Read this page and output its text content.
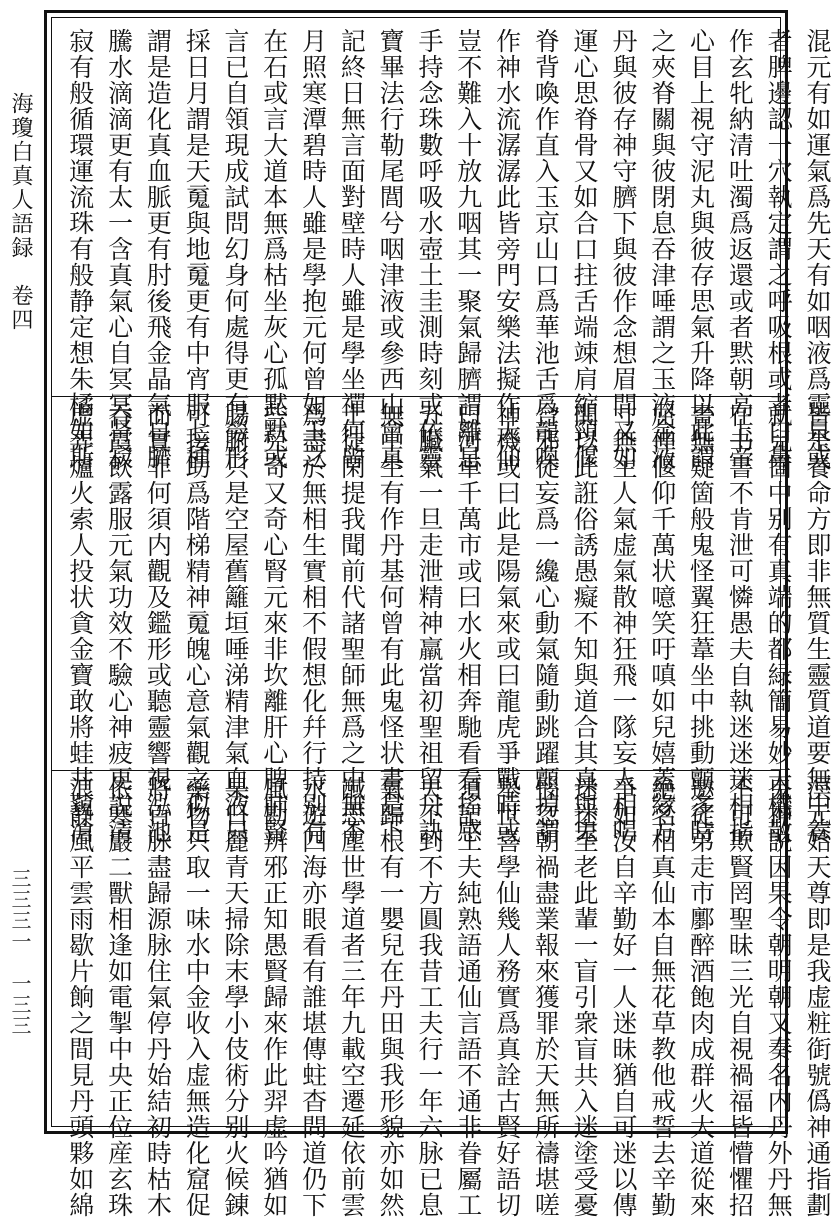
海瓊白真人語録　卷四
三三三一　一三三
混元有如運氣爲先天有如咽液爲靈泉或
者脾邊認一穴執定謂之呼吸根或者口鼻
作玄牝納清吐濁爲返還或者黙朝高上帝
心目上視守泥丸與彼存思氣升降以此謂
之夾脊關與彼閉息吞津唾謂之玉液金液
丹與彼存神守臍下與彼作念想眉間又如
運心思脊骨又如合口拄舌端竦肩縮頸偃
脊背喚作直入玉京山口爲華池舌爲龍喚
作神水流潺潺此皆旁門安樂法擬作天仙
豈不難入十放九咽其一聚氣歸臍謂離息
手持念珠數呼吸水壺土圭測時刻或依靈
寶畢法行勒尾閭兮咽津液或參西山會真
記終日無言面對壁時人雖是學坐禪何曾
月照寒潭碧時人雖是學抱元何曾如玉之
在石或言大道本無爲枯坐灰心孤黙默或
言已自領現成試問幻身何處得更有勞形
採日月謂是天䰟與地䰟更有中宵服七種
謂是造化真血脈更有肘後飛金晶氣自臍
騰水滴滴更有太一含真氣心自冥冥肾寂
寂有般循環運流珠有般静定想朱橘如斯
皆是養命方即非無質生靈質道要無中養
就兒箇中别有真端的都緑簡易妙天機散
在书書不肯泄可憐愚夫自執迷迷迷相指
畫無疑箇般鬼怪翼狂葦坐中挑動顫多時
屈伸偃仰千萬状噫笑吁嗔如兒嬉蓋緣方
寸無主人氣虚氣散神狂飛一隊妄人相唱
閧以此誑俗誘愚癡不知與道合其真與鬼
合邪徒妄爲一纔心動氣隨動跳躍顫掉謂
神機或曰此是陽氣來或曰龍虎爭戰時或
曰河車千萬市或曰水火相奔馳看看搖感
五臟氣一旦走泄精神羸當初聖祖留丹訣
無中生有作丹基何曾有此鬼怪状畫是下
士徒閑提我聞前代諸聖師無爲之中無不
爲盡於無相生實相不假想化幷行持别有
些兒奇又奇心腎元來非坎離肝心脾肺腎
腸腑只是空屋舊籬垣唾涕精津氣血液只
可接助爲階梯精神䰟魄心意氣觀之似是
而實非何須内觀及鑑形或聽靈響視泓池
吞霞飲露服元氣功效不驗心神疲更説清
虚弄爐火索人投状貪金寶敢將蛙井藐滄
溟元始天尊即是我虚粧衘號僞神通指劃
鬼神説因果令朝明朝又奏名内丹外丹無
不可欺賢罔聖昧三光自視禍福皆懵懼招
邀徒弟走市鄽醉酒飽肉成群火大道從來
絶名相真仙本自無花草教他戒誓去辛勤
爭如汝自辛勤好一人迷昧猶自可迷以傳
迷迷至老此輩一盲引衆盲共入迷塗受憂
惱忽朝禍盡業報來獲罪於天無所禱堪嗟
舉世喜學仙幾人務實爲真詮古賢好語切
須記工夫純熟語通仙言語不通非眷屬工
夫不到不方圓我昔工夫行一年六脉已息
氣歸根有一嬰兒在丹田與我形貌亦如然
䤋思塵世學道者三年九載空遷延依前雲
水遊四海亦眼看有誰堪傳蛀杳問道仍下
風勘辨邪正知愚賢歸來作此羿虚吟猶如
杲日麗青天掃除末學小伎術分别火候錬
藥物只取一味水中金收入虚無造化窟促
將百脉盡歸源脉住氣停丹始結初時枯木
依寒巖二獸相逢如電掣中央正位産玄珠
浪静風平雲雨歇片餉之間見丹頭夥如綿
